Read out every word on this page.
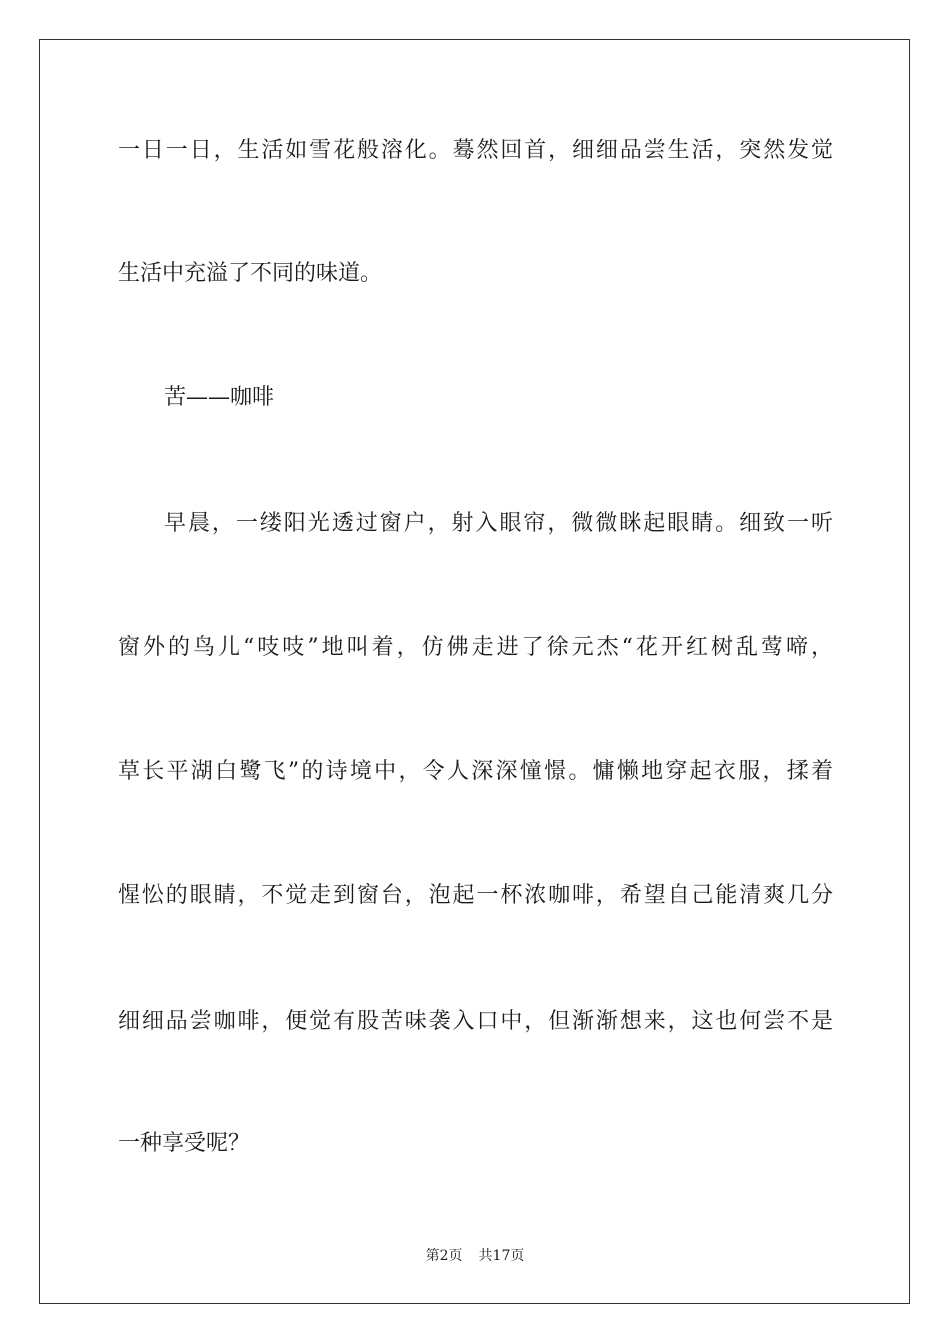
一日一日，生活如雪花般溶化。蓦然回首，细细品尝生活，突然发觉
生活中充溢了不同的味道。
苦——咖啡
早晨，一缕阳光透过窗户，射入眼帘，微微眯起眼睛。细致一听
窗外的鸟儿“吱吱”地叫着，仿佛走进了徐元杰“花开红树乱莺啼，
草长平湖白鹭飞”的诗境中，令人深深憧憬。慵懒地穿起衣服，揉着
惺忪的眼睛，不觉走到窗台，泡起一杯浓咖啡，希望自己能清爽几分
细细品尝咖啡，便觉有股苦味袭入口中，但渐渐想来，这也何尝不是
一种享受呢？
第2页 共17页
